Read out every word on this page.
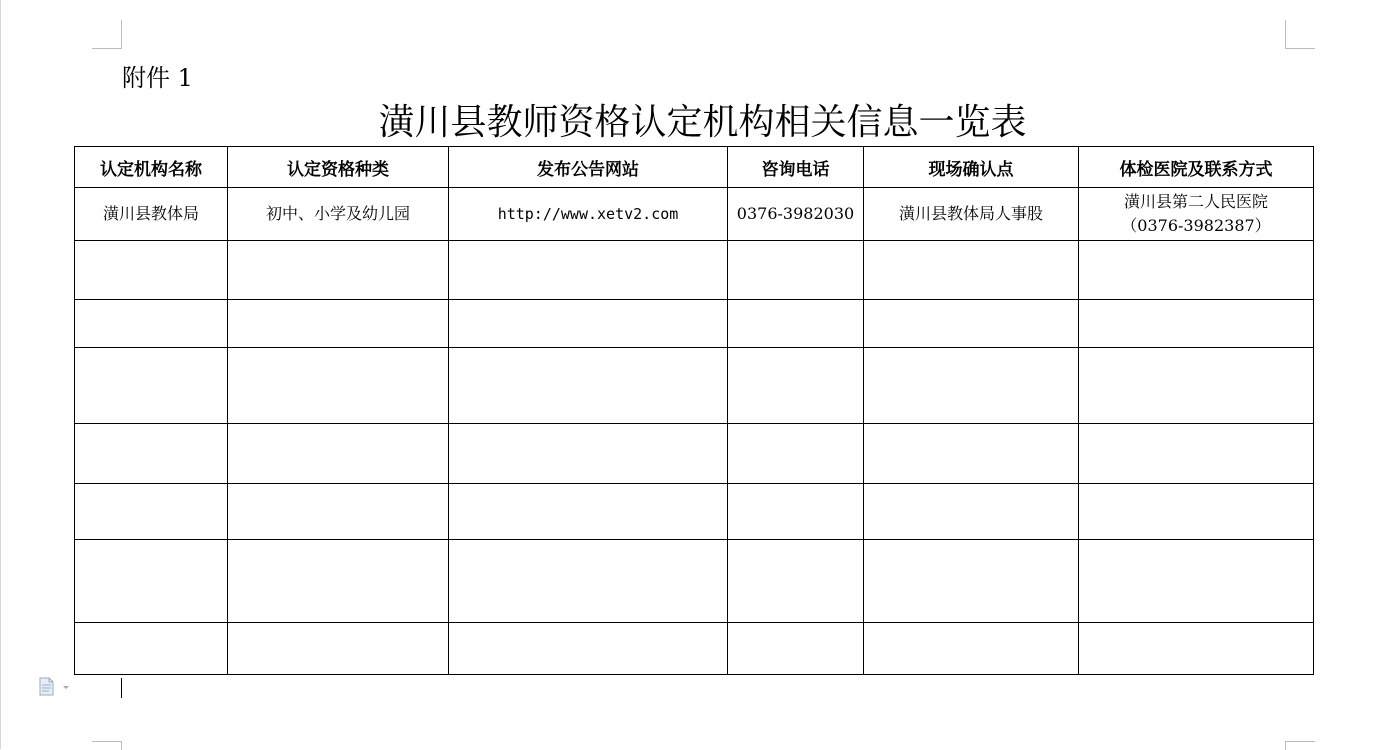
附件 1
潢川县教师资格认定机构相关信息一览表
认定机构名称	认定资格种类	发布公告网站	咨询电话	现场确认点	体检医院及联系方式
潢川县教体局	初中、小学及幼儿园	http://www.xetv2.com	0376-3982030	潢川县教体局人事股	潢川县第二人民医院
（0376-3982387）
